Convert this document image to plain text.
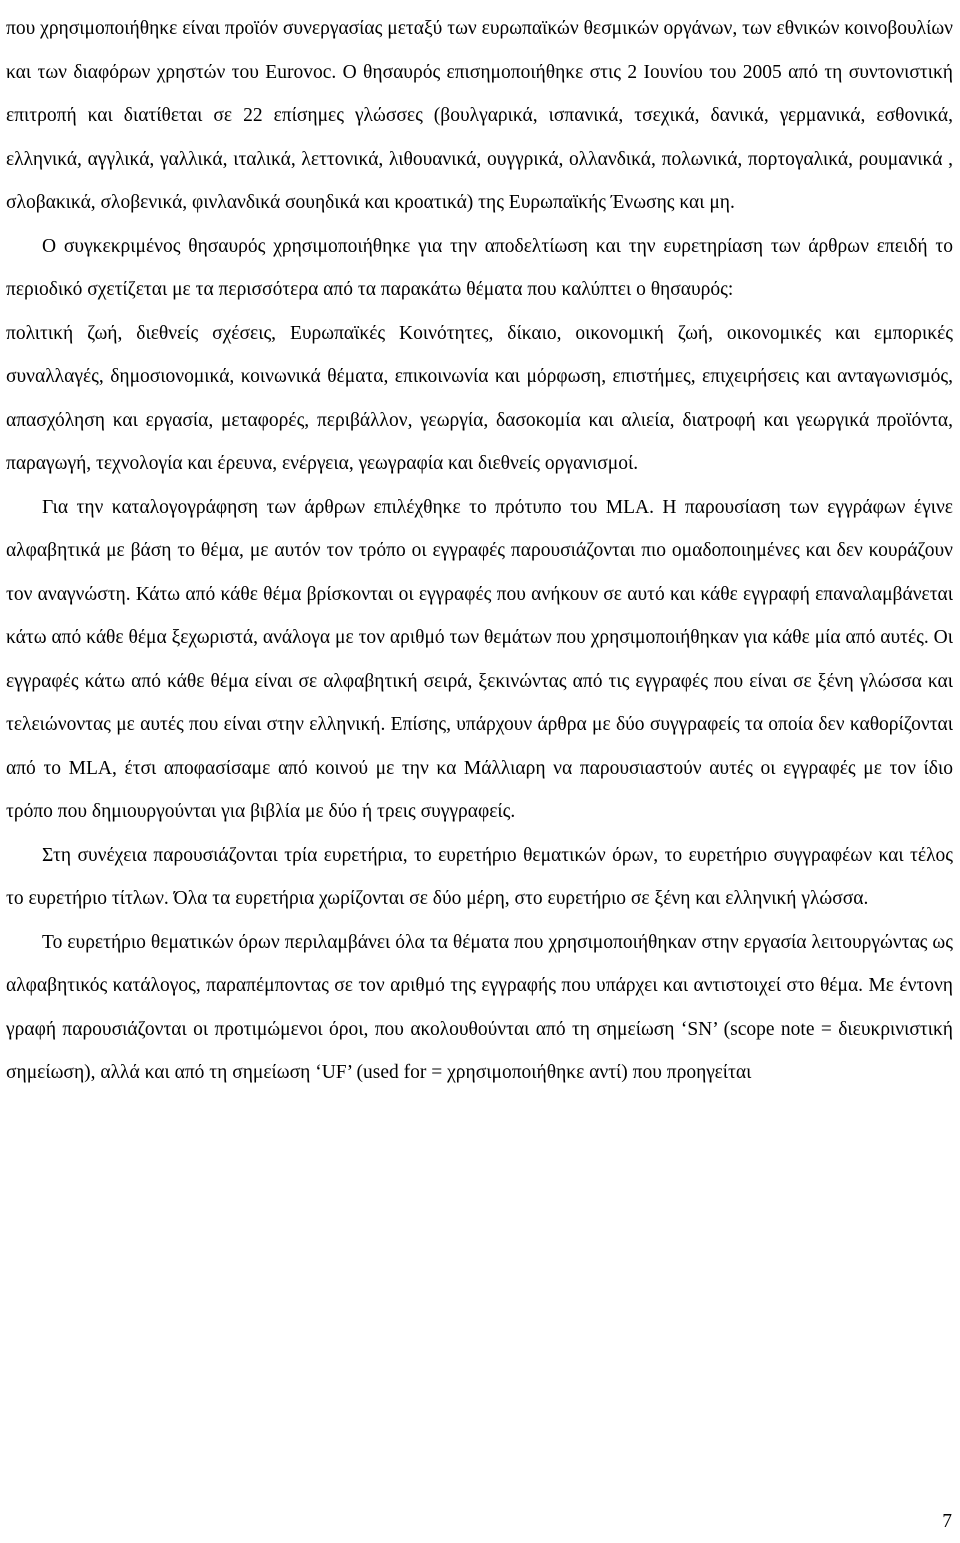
που χρησιμοποιήθηκε είναι προϊόν συνεργασίας μεταξύ των ευρωπαϊκών θεσμικών οργάνων, των εθνικών κοινοβουλίων και των διαφόρων χρηστών του Eurovoc. Ο θησαυρός επισημοποιήθηκε στις 2 Ιουνίου του 2005 από τη συντονιστική επιτροπή και διατίθεται σε 22 επίσημες γλώσσες (βουλγαρικά, ισπανικά, τσεχικά, δανικά, γερμανικά, εσθονικά, ελληνικά, αγγλικά, γαλλικά, ιταλικά, λεττονικά, λιθουανικά, ουγγρικά, ολλανδικά, πολωνικά, πορτογαλικά, ρουμανικά , σλοβακικά, σλοβενικά, φινλανδικά σουηδικά και κροατικά) της Ευρωπαϊκής Ένωσης και μη.

Ο συγκεκριμένος θησαυρός χρησιμοποιήθηκε για την αποδελτίωση και την ευρετηρίαση των άρθρων επειδή το περιοδικό σχετίζεται με τα περισσότερα από τα παρακάτω θέματα που καλύπτει ο θησαυρός:

πολιτική ζωή, διεθνείς σχέσεις, Ευρωπαϊκές Κοινότητες, δίκαιο, οικονομική ζωή, οικονομικές και εμπορικές συναλλαγές, δημοσιονομικά, κοινωνικά θέματα, επικοινωνία και μόρφωση, επιστήμες, επιχειρήσεις και ανταγωνισμός, απασχόληση και εργασία, μεταφορές, περιβάλλον, γεωργία, δασοκομία και αλιεία, διατροφή και γεωργικά προϊόντα, παραγωγή, τεχνολογία και έρευνα, ενέργεια, γεωγραφία και διεθνείς οργανισμοί.

Για την καταλογογράφηση των άρθρων επιλέχθηκε το πρότυπο του MLA. Η παρουσίαση των εγγράφων έγινε αλφαβητικά με βάση το θέμα, με αυτόν τον τρόπο οι εγγραφές παρουσιάζονται πιο ομαδοποιημένες και δεν κουράζουν τον αναγνώστη. Κάτω από κάθε θέμα βρίσκονται οι εγγραφές που ανήκουν σε αυτό και κάθε εγγραφή επαναλαμβάνεται κάτω από κάθε θέμα ξεχωριστά, ανάλογα με τον αριθμό των θεμάτων που χρησιμοποιήθηκαν για κάθε μία από αυτές. Οι εγγραφές κάτω από κάθε θέμα είναι σε αλφαβητική σειρά, ξεκινώντας από τις εγγραφές που είναι σε ξένη γλώσσα και τελειώνοντας με αυτές που είναι στην ελληνική. Επίσης, υπάρχουν άρθρα με δύο συγγραφείς τα οποία δεν καθορίζονται από το MLA, έτσι αποφασίσαμε από κοινού με την κα Μάλλιαρη να παρουσιαστούν αυτές οι εγγραφές με τον ίδιο τρόπο που δημιουργούνται για βιβλία με δύο ή τρεις συγγραφείς.

Στη συνέχεια παρουσιάζονται τρία ευρετήρια, το ευρετήριο θεματικών όρων, το ευρετήριο συγγραφέων και τέλος το ευρετήριο τίτλων. Όλα τα ευρετήρια χωρίζονται σε δύο μέρη, στο ευρετήριο σε ξένη και ελληνική γλώσσα.

Το ευρετήριο θεματικών όρων περιλαμβάνει όλα τα θέματα που χρησιμοποιήθηκαν στην εργασία λειτουργώντας ως αλφαβητικός κατάλογος, παραπέμποντας σε τον αριθμό της εγγραφής που υπάρχει και αντιστοιχεί στο θέμα. Με έντονη γραφή παρουσιάζονται οι προτιμώμενοι όροι, που ακολουθούνται από τη σημείωση ‘SN’ (scope note = διευκρινιστική σημείωση), αλλά και από τη σημείωση ‘UF’ (used for = χρησιμοποιήθηκε αντί) που προηγείται

7
